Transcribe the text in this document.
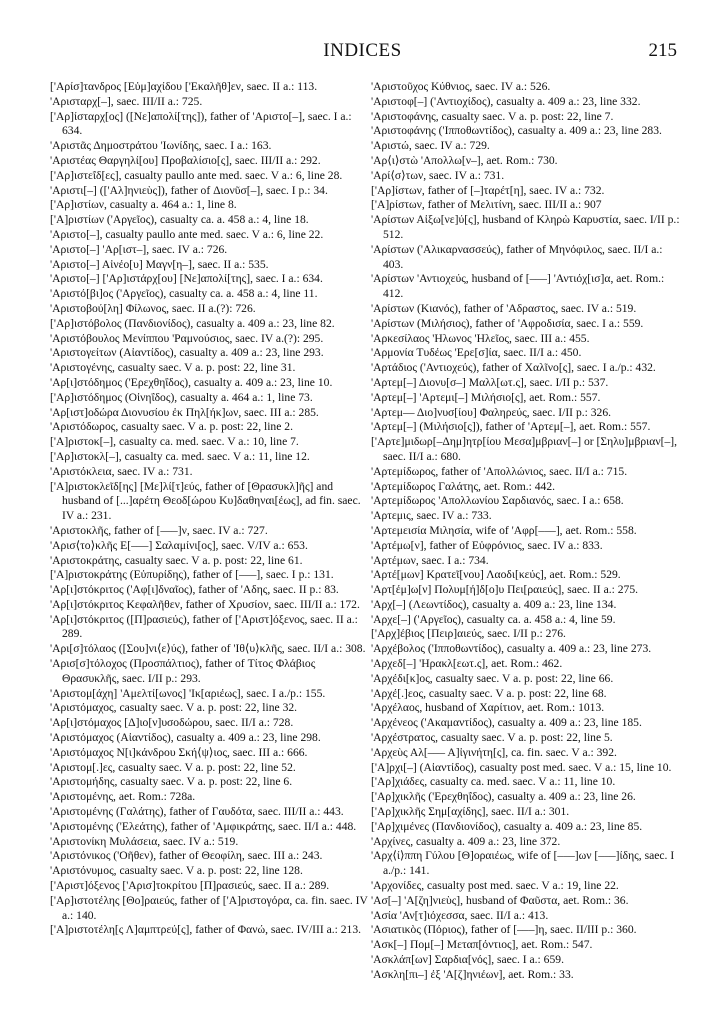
INDICES	215

['Αρίσ]τανδρος [Εὐμ]αχίδου ['Εκαλῆθ]εν, saec. II a.: 113.

'Αρισταρχ[–], saec. III/II a.: 725.

['Αρ]ίσταρχ[ος] ([Νε]απολί[της]), father of 'Αριστο[–], saec. I a.: 634.

'Αριστᾶς Δημοστράτου 'Ιωνίδης, saec. I a.: 163.

'Αριστέας Θαργηλί[ου] Προβαλίσιο[ς], saec. III/II a.: 292.

['Αρ]ιστεΐδ[ες], casualty paullo ante med. saec. V a.: 6, line 28.

'Αριστι[–] (['Αλ]ηνιεὺς]), father of Διονῦσ[–], saec. I p.: 34.

['Αρ]ιστίων, casualty a. 464 a.: 1, line 8.

['Α]ριστίων ('Αργεῖος), casualty ca. a. 458 a.: 4, line 18.

'Αριστο[–], casualty paullo ante med. saec. V a.: 6, line 22.

'Αριστο[–] 'Αρ[ιστ–], saec. IV a.: 726.

'Αριστο[–] Αἰνέο[υ] Μαγν[η–], saec. II a.: 535.

'Αριστο[–] ['Αρ]ιστάρχ[ου] [Νε]απολί[της], saec. I a.: 634.

'Αριστό[βι]ος ('Αργεῖος), casualty ca. a. 458 a.: 4, line 11.

'Αριστοβού[λη] Φίλωνος, saec. II a.(?): 726.

['Αρ]ιστόβολος (Πανδιονίδος), casualty a. 409 a.: 23, line 82.

'Αριστόβουλος Μενίππου 'Ραμνούσιος, saec. IV a.(?): 295.

'Αριστογείτων (Αἰαντίδος), casualty a. 409 a.: 23, line 293.

'Αριστογένης, casualty saec. V a. p. post: 22, line 31.

'Αρ[ι]στόδημος ('Ερεχθηΐδος), casualty a. 409 a.: 23, line 10.

['Αρ]ιστόδημος (Οἰνηΐδος), casualty a. 464 a.: 1, line 73.

'Αρ[ιστ]οδώρα Διονυσίου ἐκ Πηλ[ήκ]ων, saec. III a.: 285.

'Αριστόδωρος, casualty saec. V a. p. post: 22, line 2.

['Α]ριστοκ[–], casualty ca. med. saec. V a.: 10, line 7.

['Αρ]ιστοκλ[–], casualty ca. med. saec. V a.: 11, line 12.

'Αριστόκλεια, saec. IV a.: 731.

['Α]ριστοκλεῖδ[ης] [Με]λί[τ]εύς, father of [Θρασυκλ]ῆς] and husband of [...]αρέτη Θεοδ[ώρου Κυ]δαθηναι[έως], ad fin. saec. IV a.: 231.

'Αριστοκλῆς, father of [–––]ν, saec. IV a.: 727.

'Αρισ⟨το⟩κλῆς Ε[–––] Σαλαμίνι[ος], saec. V/IV a.: 653.

'Αριστοκράτης, casualty saec. V a. p. post: 22, line 61.

['Α]ριστοκράτης (Εὐπυρίδης), father of [–––], saec. I p.: 131.

'Αρ[ι]στόκριτος ('Αφ[ι]δναῖος), father of 'Αδης, saec. II p.: 83.

'Αρ[ι]στόκριτος Κεφαλῆθεν, father of Χρυσίον, saec. III/II a.: 172.

'Αρ[ι]στόκριτος ([Π]ρασιεύς), father of ['Αριστ]όξενος, saec. II a.: 289.

'Αρι[σ]τόλαος ([Σου]νι⟨ε⟩ύς), father of 'Ιθ⟨υ⟩κλῆς, saec. II/I a.: 308.

'Αρισ[σ]τόλοχος (Προσπάλτιος), father of Τίτος Φλάβιος Θρασυκλῆς, saec. I/II p.: 293.

'Αριστομ[άχη] 'Αμελτί[ωνος] 'Ικ[αριέως], saec. I a./p.: 155.

'Αριστόμαχος, casualty saec. V a. p. post: 22, line 32.

'Αρ[ι]στόμαχος [Δ]ιο[ν]υσοδώρου, saec. II/I a.: 728.

'Αριστόμαχος (Αἰαντίδος), casualty a. 409 a.: 23, line 298.

'Αριστόμαχος Ν[ι]κάνδρου Σκή⟨ψ⟩ιος, saec. III a.: 666.

'Αριστομ[.]ες, casualty saec. V a. p. post: 22, line 52.

'Αριστομήδης, casualty saec. V a. p. post: 22, line 6.

'Αριστομένης, aet. Rom.: 728a.

'Αριστομένης (Γαλάτης), father of Γαυδότα, saec. III/II a.: 443.

'Αριστομένης ('Ελεάτης), father of 'Αμφικράτης, saec. II/I a.: 448.

'Αριστονίκη Μυλάσεια, saec. IV a.: 519.

'Αριστόνικος ('Οῆθεν), father of Θεοφίλη, saec. III a.: 243.

'Αριστόνυμος, casualty saec. V a. p. post: 22, line 128.

['Αριστ]όξενος ['Αρισ]τοκρίτου [Π]ρασιεύς, saec. II a.: 289.

['Αρ]ιστοτέλης [Θο]ραιεύς, father of ['Α]ριστογόρα, ca. fin. saec. IV a.: 140.

['Α]ριστοτέλη[ς Λ]αμπτρεύ[ς], father of Φανώ, saec. IV/III a.: 213.

'Αριστοῦχος Κύθνιος, saec. IV a.: 526.

'Αριστοφ[–] ('Αντιοχίδος), casualty a. 409 a.: 23, line 332.

'Αριστοφάνης, casualty saec. V a. p. post: 22, line 7.

'Αριστοφάνης ('Ιπποθωντίδος), casualty a. 409 a.: 23, line 283.

'Αριστώ, saec. IV a.: 729.

'Αρ⟨ι⟩στὼ 'Απολλω[ν–], aet. Rom.: 730.

'Αρί⟨σ⟩των, saec. IV a.: 731.

['Αρ]ίστων, father of [–]ταρέτ[η], saec. IV a.: 732.

['Α]ρίστων, father of Μελιτίνη, saec. III/II a.: 907

'Αρίστων Αἰξω[νε]ύ[ς], husband of Κληρὼ Καρυστία, saec. I/II p.: 512.

'Αρίστων ('Αλικαρνασσεύς), father of Μηνόφιλος, saec. II/I a.: 403.

'Αρίστων 'Αντιοχεύς, husband of [–––] 'Αντιόχ[ισ]α, aet. Rom.: 412.

'Αρίστων (Κιανός), father of 'Αδραστος, saec. IV a.: 519.

'Αρίστων (Μιλήσιος), father of 'Αφροδισία, saec. I a.: 559.

'Αρκεσίλαος 'Ηλωνος 'Ηλεῖος, saec. III a.: 455.

'Αρμονία Τυδέως 'Ερε[σ]ία, saec. II/I a.: 450.

'Αρτάδιος ('Αντιοχεύς), father of Χαλῖνο[ς], saec. I a./p.: 432.

'Αρτεμ[–] Διονυ[σ–] Μαλλ[ωτ.ς], saec. I/II p.: 537.

'Αρτεμ[–] 'Αρτεμι[–] Μιλήσιο[ς], aet. Rom.: 557.

'Αρτεμ–– Διο]νυσ[ίου] Φαληρεύς, saec. I/II p.: 326.

'Αρτεμ[–] (Μιλήσιο[ς]), father of 'Αρτεμ[–], aet. Rom.: 557.

['Αρτε]μιδωρ[–Δημ]ητρ[ίου Μεσα]μβριαν[–] or [Σηλυ]μβριαν[–], saec. II/I a.: 680.

'Αρτεμίδωρος, father of 'Απολλώνιος, saec. II/I a.: 715.

'Αρτεμίδωρος Γαλάτης, aet. Rom.: 442.

'Αρτεμίδωρος 'Απολλωνίου Σαρδιανός, saec. I a.: 658.

'Αρτεμις, saec. IV a.: 733.

'Αρτεμεισία Μιλησία, wife of 'Αφρ[–––], aet. Rom.: 558.

'Αρτέμω[ν], father of Εὐφρόνιος, saec. IV a.: 833.

'Αρτέμων, saec. I a.: 734.

'Αρτέ[μων] Κρατεῖ[νου] Λαοδι[κεύς], aet. Rom.: 529.

'Αρτ[έμ]ω[ν] Πολυμ[ή]δ[ο]υ Πει[ραιεύς], saec. II a.: 275.

'Αρχ[–] (Λεωντίδος), casualty a. 409 a.: 23, line 134.

'Αρχε[–] ('Αργεῖος), casualty ca. a. 458 a.: 4, line 59.

['Αρχ]έβιος [Πειρ]αιεύς, saec. I/II p.: 276.

'Αρχέβολος ('Ιπποθωντίδος), casualty a. 409 a.: 23, line 273.

'Αρχεδ[–] 'Ηρακλ[εωτ.ς], aet. Rom.: 462.

'Αρχέδι[κ]ος, casualty saec. V a. p. post: 22, line 66.

'Αρχέ[.]εος, casualty saec. V a. p. post: 22, line 68.

'Αρχέλαος, husband of Χαρίτιον, aet. Rom.: 1013.

'Αρχένεος ('Ακαμαντίδος), casualty a. 409 a.: 23, line 185.

'Αρχέστρατος, casualty saec. V a. p. post: 22, line 5.

'Αρχεὺς Αλ[––– Α]ἰγινήτη[ς], ca. fin. saec. V a.: 392.

['Α]ρχι[–] (Αἰαντίδος), casualty post med. saec. V a.: 15, line 10.

['Αρ]χιάδες, casualty ca. med. saec. V a.: 11, line 10.

['Αρ]χικλῆς ('Ερεχθηΐδος), casualty a. 409 a.: 23, line 26.

['Αρ]χικλῆς Σημ[αχίδης], saec. II/I a.: 301.

['Αρ]χιμένες (Πανδιονίδος), casualty a. 409 a.: 23, line 85.

'Αρχίνες, casualty a. 409 a.: 23, line 372.

'Αρχ⟨ί⟩ππη Γύλου [Θ]οραιέως, wife of [–––]ων [–––]ίδης, saec. I a./p.: 141.

'Αρχονίδες, casualty post med. saec. V a.: 19, line 22.

'Ασ[–] 'Α[ζη]νιεὺς], husband of Φαῦστα, aet. Rom.: 36.

'Ασία 'Αν[τ]ιόχεσσα, saec. II/I a.: 413.

'Ασιατικὸς (Πόριος), father of [–––]η, saec. II/III p.: 360.

'Ασκ[–] Πομ[–] Μεταπ[όντιος], aet. Rom.: 547.

'Ασκλάπ[ων] Σαρδια[νός], saec. I a.: 659.

'Ασκλη[πι–] ἐξ 'Α[ζ]ηνιέων], aet. Rom.: 33.
